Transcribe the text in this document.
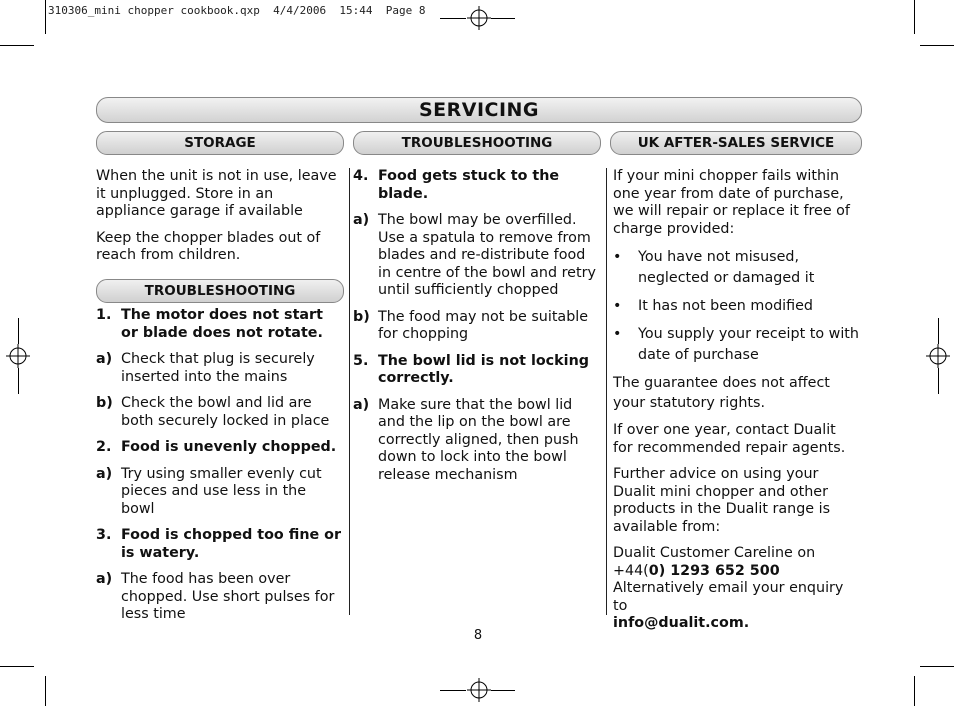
310306_mini chopper cookbook.qxp  4/4/2006  15:44  Page 8
SERVICING
STORAGE	TROUBLESHOOTING	UK AFTER-SALES SERVICE

When the unit is not in use, leave it unplugged. Store in an appliance garage if available

Keep the chopper blades out of reach from children.

TROUBLESHOOTING
1. The motor does not start or blade does not rotate.
a) Check that plug is securely inserted into the mains
b) Check the bowl and lid are both securely locked in place
2. Food is unevenly chopped.
a) Try using smaller evenly cut pieces and use less in the bowl
3. Food is chopped too fine or is watery.
a) The food has been over chopped. Use short pulses for less time
4. Food gets stuck to the blade.
a) The bowl may be overfilled. Use a spatula to remove from blades and re-distribute food in centre of the bowl and retry until sufficiently chopped
b) The food may not be suitable for chopping
5. The bowl lid is not locking correctly.
a) Make sure that the bowl lid and the lip on the bowl are correctly aligned, then push down to lock into the bowl release mechanism

If your mini chopper fails within one year from date of purchase, we will repair or replace it free of charge provided:

• You have not misused, neglected or damaged it
• It has not been modified
• You supply your receipt to with date of purchase

The guarantee does not affect your statutory rights.

If over one year, contact Dualit for recommended repair agents.

Further advice on using your Dualit mini chopper and other products in the Dualit range is available from:

Dualit Customer Careline on
+44(0) 1293 652 500
Alternatively email your enquiry to
info@dualit.com.
8
